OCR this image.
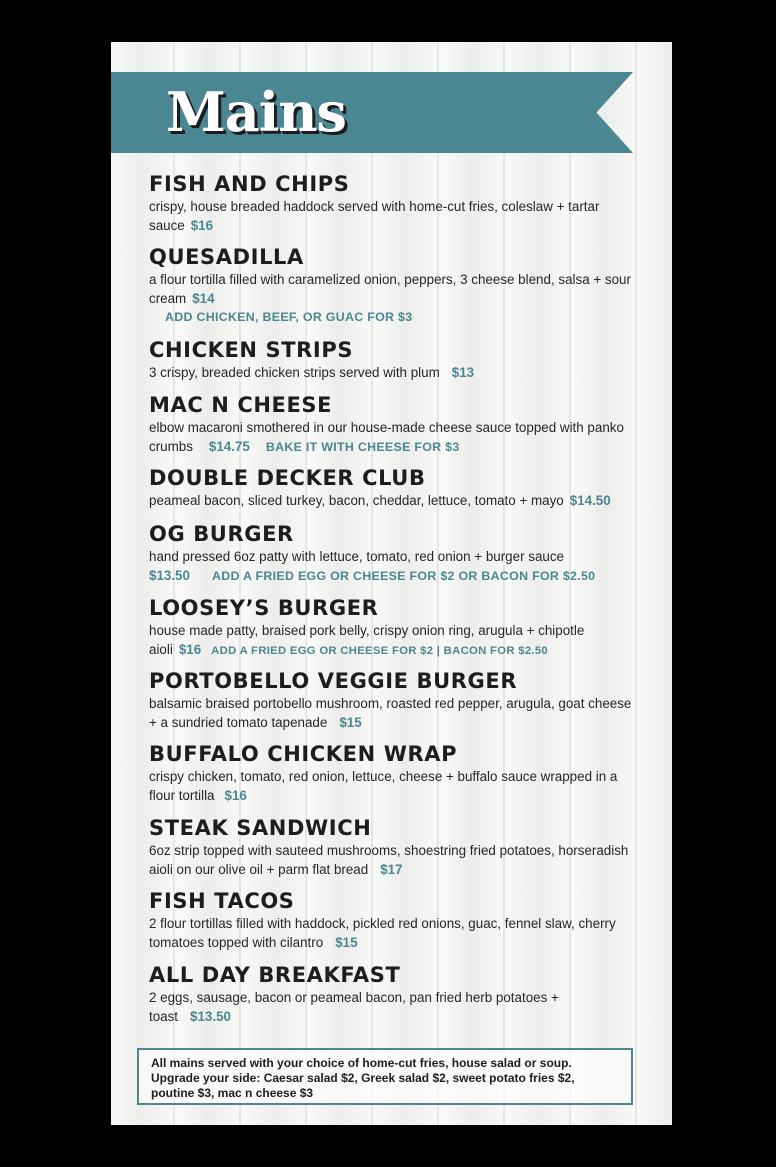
Mains
FISH AND CHIPS

crispy, house breaded haddock served with home-cut fries, coleslaw + tartar sauce $16

QUESADILLA

a flour tortilla filled with caramelized onion, peppers, 3 cheese blend, salsa + sour cream $14
ADD CHICKEN, BEEF, OR GUAC FOR $3

CHICKEN STRIPS

3 crispy, breaded chicken strips served with plum $13

MAC N CHEESE

elbow macaroni smothered in our house-made cheese sauce topped with panko crumbs $14.75 BAKE IT WITH CHEESE FOR $3

DOUBLE DECKER CLUB

peameal bacon, sliced turkey, bacon, cheddar, lettuce, tomato + mayo $14.50

OG BURGER

hand pressed 6oz patty with lettuce, tomato, red onion + burger sauce
$13.50 ADD A FRIED EGG OR CHEESE FOR $2 OR BACON FOR $2.50

LOOSEY’S BURGER

house made patty, braised pork belly, crispy onion ring, arugula + chipotle aioli $16 ADD A FRIED EGG OR CHEESE FOR $2 | BACON FOR $2.50

PORTOBELLO VEGGIE BURGER

balsamic braised portobello mushroom, roasted red pepper, arugula, goat cheese + a sundried tomato tapenade $15

BUFFALO CHICKEN WRAP

crispy chicken, tomato, red onion, lettuce, cheese + buffalo sauce wrapped in a flour tortilla $16

STEAK SANDWICH

6oz strip topped with sauteed mushrooms, shoestring fried potatoes, horseradish aioli on our olive oil + parm flat bread $17

FISH TACOS

2 flour tortillas filled with haddock, pickled red onions, guac, fennel slaw, cherry tomatoes topped with cilantro $15

ALL DAY BREAKFAST

2 eggs, sausage, bacon or peameal bacon, pan fried herb potatoes + toast $13.50

All mains served with your choice of home-cut fries, house salad or soup.

Upgrade your side: Caesar salad $2, Greek salad $2, sweet potato fries $2, poutine $3, mac n cheese $3
